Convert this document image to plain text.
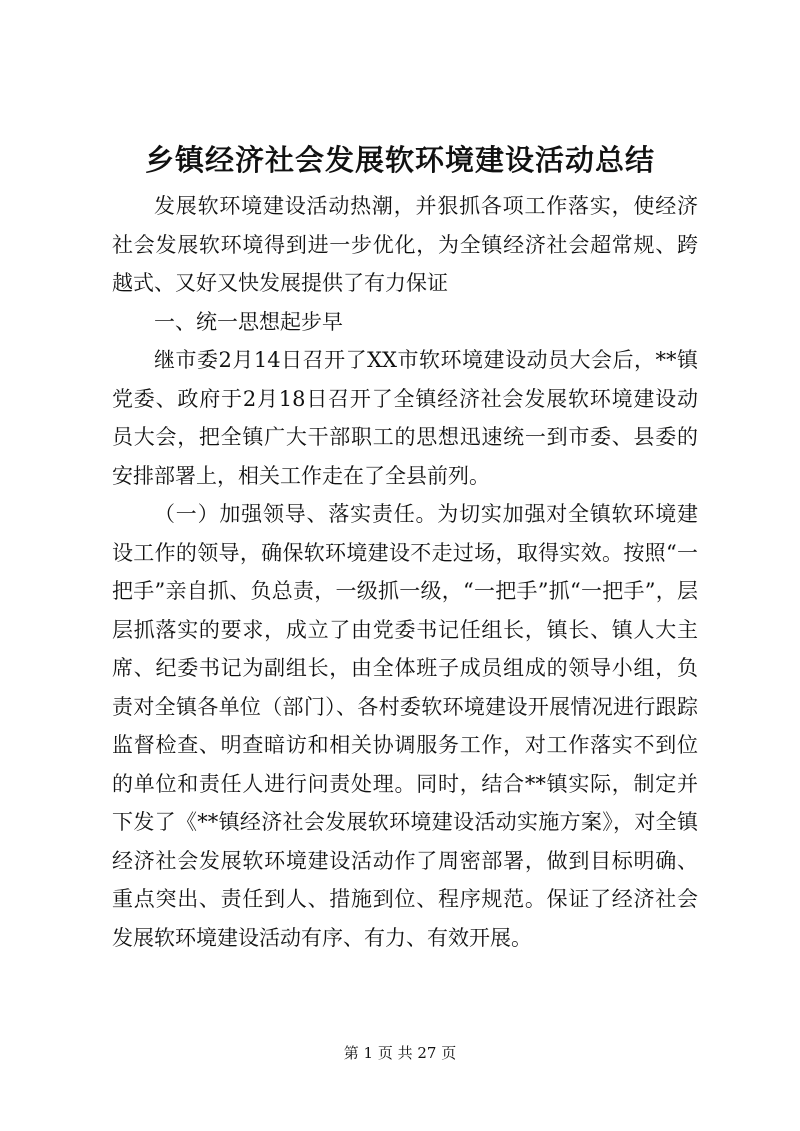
乡镇经济社会发展软环境建设活动总结

发展软环境建设活动热潮，并狠抓各项工作落实，使经济社会发展软环境得到进一步优化，为全镇经济社会超常规、跨越式、又好又快发展提供了有力保证

一、统一思想起步早

继市委2月14日召开了XX市软环境建设动员大会后，**镇党委、政府于2月18日召开了全镇经济社会发展软环境建设动员大会，把全镇广大干部职工的思想迅速统一到市委、县委的安排部署上，相关工作走在了全县前列。

（一）加强领导、落实责任。为切实加强对全镇软环境建设工作的领导，确保软环境建设不走过场，取得实效。按照“一把手”亲自抓、负总责，一级抓一级，“一把手”抓“一把手”，层层抓落实的要求，成立了由党委书记任组长，镇长、镇人大主席、纪委书记为副组长，由全体班子成员组成的领导小组，负责对全镇各单位（部门）、各村委软环境建设开展情况进行跟踪监督检查、明查暗访和相关协调服务工作，对工作落实不到位的单位和责任人进行问责处理。同时，结合**镇实际，制定并下发了《**镇经济社会发展软环境建设活动实施方案》，对全镇经济社会发展软环境建设活动作了周密部署，做到目标明确、重点突出、责任到人、措施到位、程序规范。保证了经济社会发展软环境建设活动有序、有力、有效开展。

第 1 页 共 27 页
